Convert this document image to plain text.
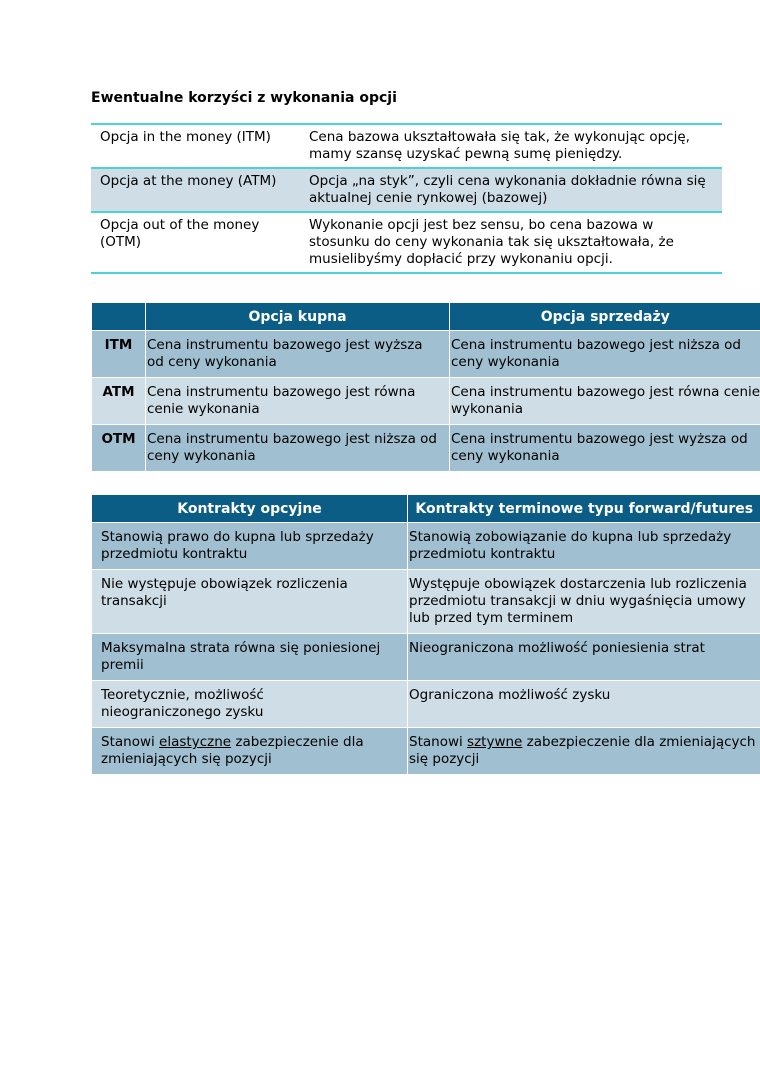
Ewentualne korzyści z wykonania opcji
Opcja in the money (ITM)	Cena bazowa ukształtowała się tak, że wykonując opcję,
mamy szansę uzyskać pewną sumę pieniędzy.
Opcja at the money (ATM)	Opcja „na styk”, czyli cena wykonania dokładnie równa się
aktualnej cenie rynkowej (bazowej)
Opcja out of the money
(OTM)	Wykonanie opcji jest bez sensu, bo cena bazowa w
stosunku do ceny wykonania tak się ukształtowała, że
musielibyśmy dopłacić przy wykonaniu opcji.
	Opcja kupna	Opcja sprzedaży
ITM	Cena instrumentu bazowego jest wyższa
od ceny wykonania	Cena instrumentu bazowego jest niższa od
ceny wykonania
ATM	Cena instrumentu bazowego jest równa
cenie wykonania	Cena instrumentu bazowego jest równa cenie
wykonania
OTM	Cena instrumentu bazowego jest niższa od
ceny wykonania	Cena instrumentu bazowego jest wyższa od
ceny wykonania
Kontrakty opcyjne	Kontrakty terminowe typu forward/futures
Stanowią prawo do kupna lub sprzedaży
przedmiotu kontraktu	Stanowią zobowiązanie do kupna lub sprzedaży
przedmiotu kontraktu
Nie występuje obowiązek rozliczenia
transakcji	Występuje obowiązek dostarczenia lub rozliczenia
przedmiotu transakcji w dniu wygaśnięcia umowy
lub przed tym terminem
Maksymalna strata równa się poniesionej
premii	Nieograniczona możliwość poniesienia strat
Teoretycznie, możliwość
nieograniczonego zysku	Ograniczona możliwość zysku
Stanowi elastyczne zabezpieczenie dla
zmieniających się pozycji	Stanowi sztywne zabezpieczenie dla zmieniających
się pozycji
